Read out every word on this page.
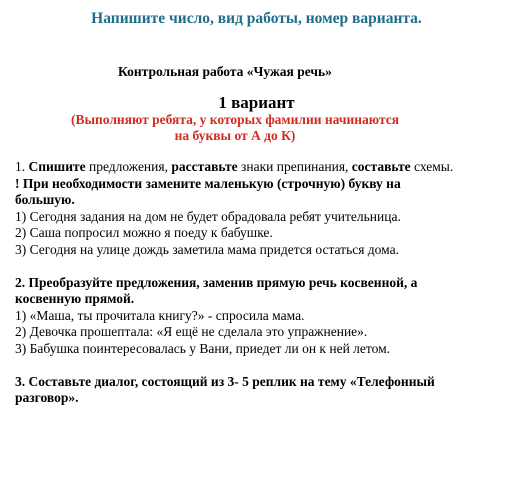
Напишите число, вид работы, номер варианта.
Контрольная работа «Чужая речь»
1 вариант
(Выполняют ребята, у которых фамилии начинаются
на буквы от А до К)
1. Спишите предложения, расставьте знаки препинания, составьте схемы.
! При необходимости замените маленькую (строчную) букву на
большую.
1) Сегодня задания на дом не будет обрадовала ребят учительница.
2) Саша попросил можно я поеду к бабушке.
3) Сегодня на улице дождь заметила мама придется остаться дома.
2. Преобразуйте предложения, заменив прямую речь косвенной, а
косвенную прямой.
1) «Маша, ты прочитала книгу?» - спросила мама.
2) Девочка прошептала: «Я ещё не сделала это упражнение».
3) Бабушка поинтересовалась у Вани, приедет ли он к ней летом.
3. Составьте диалог, состоящий из 3- 5 реплик на тему «Телефонный
разговор».
